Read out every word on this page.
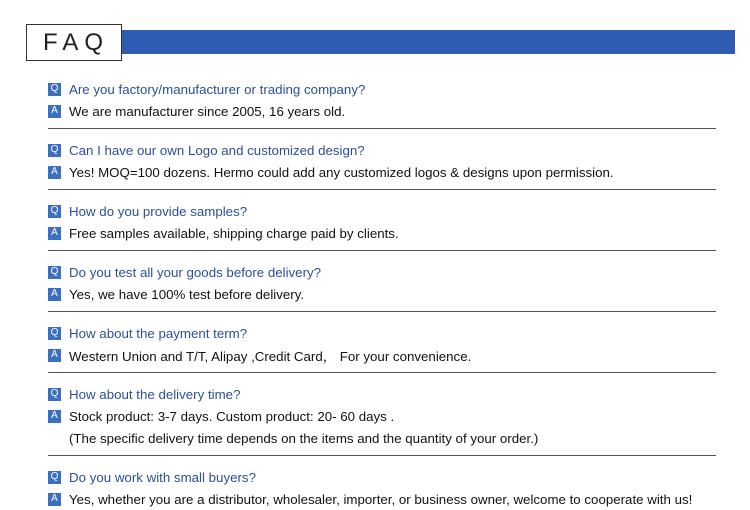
FAQ
Q Are you factory/manufacturer or trading company?
A We are manufacturer since 2005, 16 years old.
Q Can I have our own Logo and customized design?
A Yes! MOQ=100 dozens. Hermo could add any customized logos & designs upon permission.
Q How do you provide samples?
A Free samples available, shipping charge paid by clients.
Q Do you test all your goods before delivery?
A Yes, we have 100% test before delivery.
Q How about the payment term?
A Western Union and T/T, Alipay ,Credit Card， For your convenience.
Q How about the delivery time?
A Stock product: 3-7 days. Custom product: 20- 60 days .
(The specific delivery time depends on the items and the quantity of your order.)
Q Do you work with small buyers?
A Yes, whether you are a distributor, wholesaler, importer, or business owner, welcome to cooperate with us!
